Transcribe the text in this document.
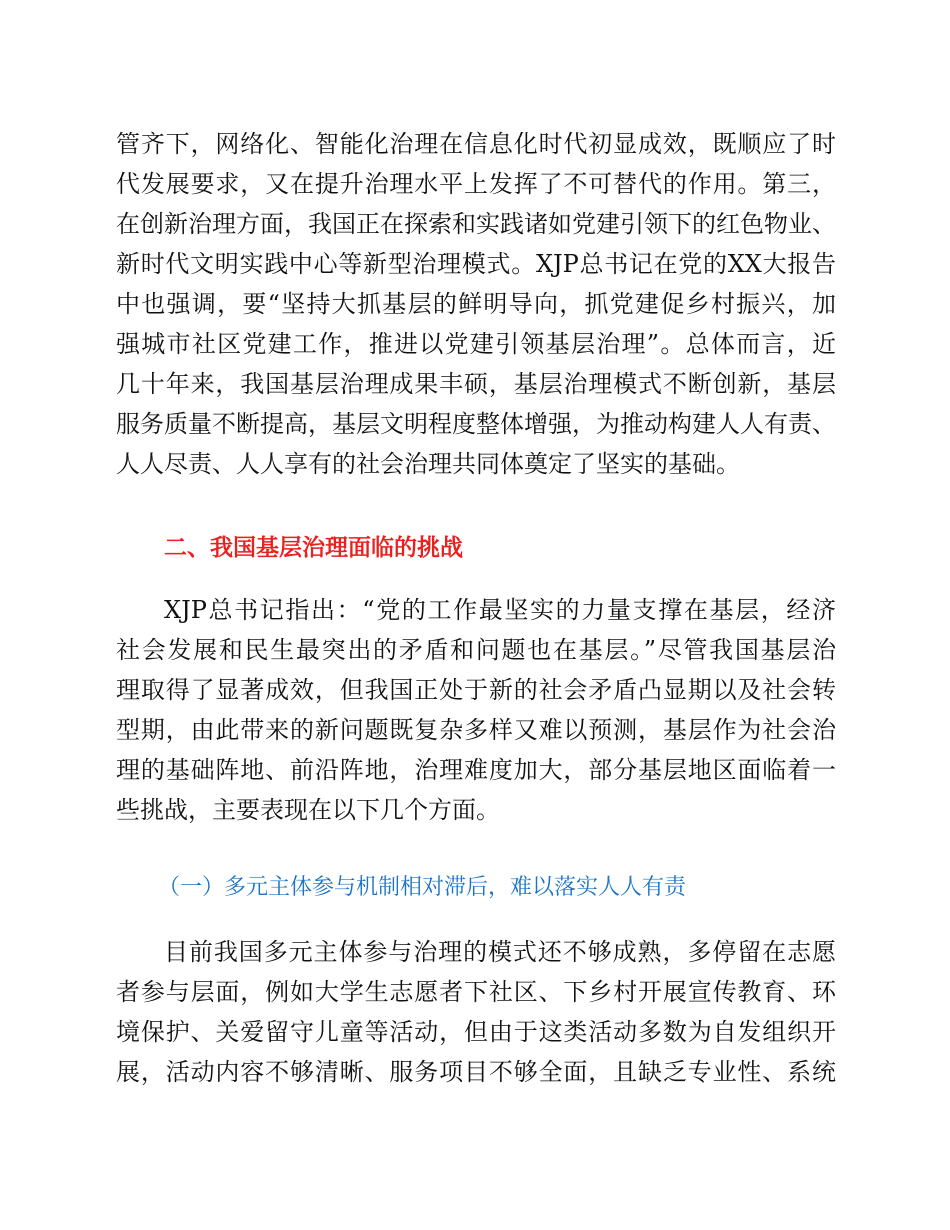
管齐下，网络化、智能化治理在信息化时代初显成效，既顺应了时
代发展要求，又在提升治理水平上发挥了不可替代的作用。第三，
在创新治理方面，我国正在探索和实践诸如党建引领下的红色物业、
新时代文明实践中心等新型治理模式。XJP总书记在党的XX大报告
中也强调，要“坚持大抓基层的鲜明导向，抓党建促乡村振兴，加
强城市社区党建工作，推进以党建引领基层治理”。总体而言，近
几十年来，我国基层治理成果丰硕，基层治理模式不断创新，基层
服务质量不断提高，基层文明程度整体增强，为推动构建人人有责、
人人尽责、人人享有的社会治理共同体奠定了坚实的基础。
二、我国基层治理面临的挑战
XJP总书记指出：“党的工作最坚实的力量支撑在基层，经济
社会发展和民生最突出的矛盾和问题也在基层。”尽管我国基层治
理取得了显著成效，但我国正处于新的社会矛盾凸显期以及社会转
型期，由此带来的新问题既复杂多样又难以预测，基层作为社会治
理的基础阵地、前沿阵地，治理难度加大，部分基层地区面临着一
些挑战，主要表现在以下几个方面。
（一）多元主体参与机制相对滞后，难以落实人人有责
目前我国多元主体参与治理的模式还不够成熟，多停留在志愿
者参与层面，例如大学生志愿者下社区、下乡村开展宣传教育、环
境保护、关爱留守儿童等活动，但由于这类活动多数为自发组织开
展，活动内容不够清晰、服务项目不够全面，且缺乏专业性、系统
